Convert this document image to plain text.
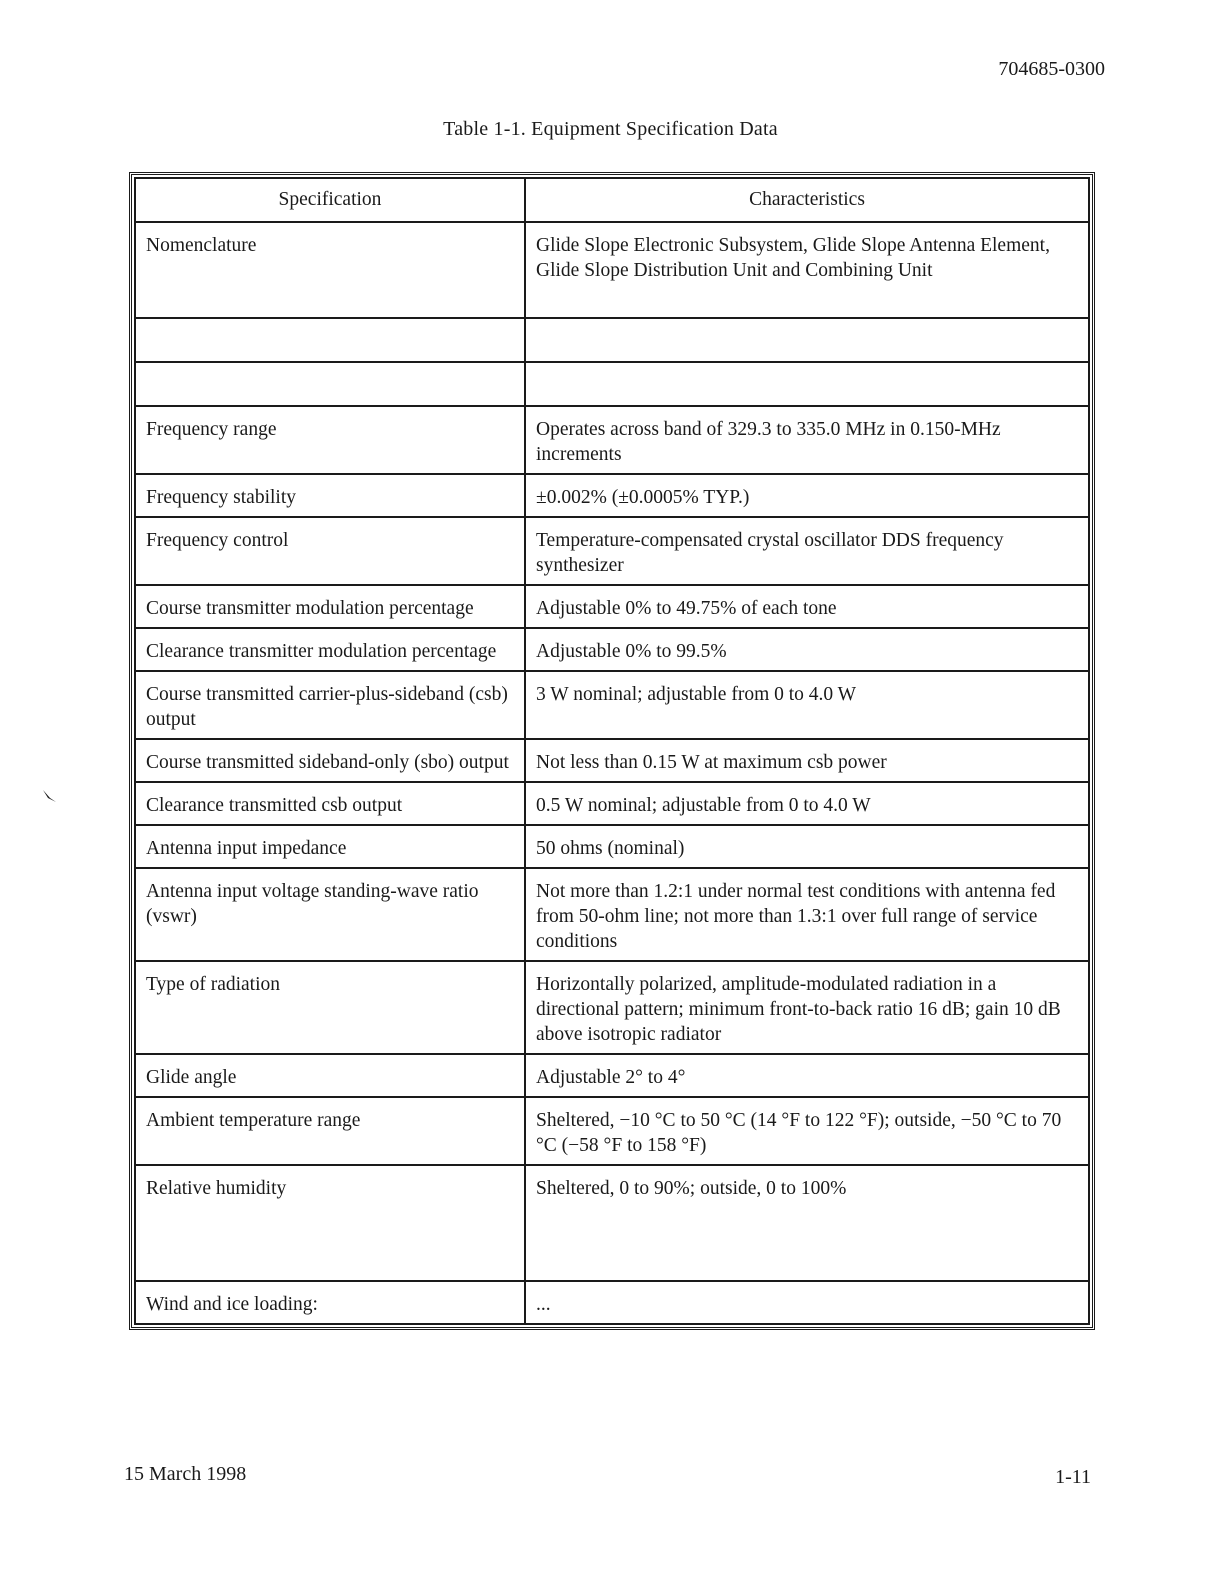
704685-0300
Table 1-1. Equipment Specification Data
Specification	Characteristics
Nomenclature	Glide Slope Electronic Subsystem, Glide Slope Antenna Element, Glide Slope Distribution Unit and Combining Unit

Frequency range	Operates across band of 329.3 to 335.0 MHz in 0.150-MHz increments
Frequency stability	±0.002% (±0.0005% TYP.)
Frequency control	Temperature-compensated crystal oscillator DDS frequency synthesizer
Course transmitter modulation percentage	Adjustable 0% to 49.75% of each tone
Clearance transmitter modulation percentage	Adjustable 0% to 99.5%
Course transmitted carrier-plus-sideband (csb) output	3 W nominal; adjustable from 0 to 4.0 W
Course transmitted sideband-only (sbo) output	Not less than 0.15 W at maximum csb power
Clearance transmitted csb output	0.5 W nominal; adjustable from 0 to 4.0 W
Antenna input impedance	50 ohms (nominal)
Antenna input voltage standing-wave ratio (vswr)	Not more than 1.2:1 under normal test conditions with antenna fed from 50-ohm line; not more than 1.3:1 over full range of service conditions
Type of radiation	Horizontally polarized, amplitude-modulated radiation in a directional pattern; minimum front-to-back ratio 16 dB; gain 10 dB above isotropic radiator
Glide angle	Adjustable 2° to 4°
Ambient temperature range	Sheltered, −10 °C to 50 °C (14 °F to 122 °F); outside, −50 °C to 70 °C (−58 °F to 158 °F)
Relative humidity	Sheltered, 0 to 90%; outside, 0 to 100%
Wind and ice loading:	...
15 March 1998	1-11
